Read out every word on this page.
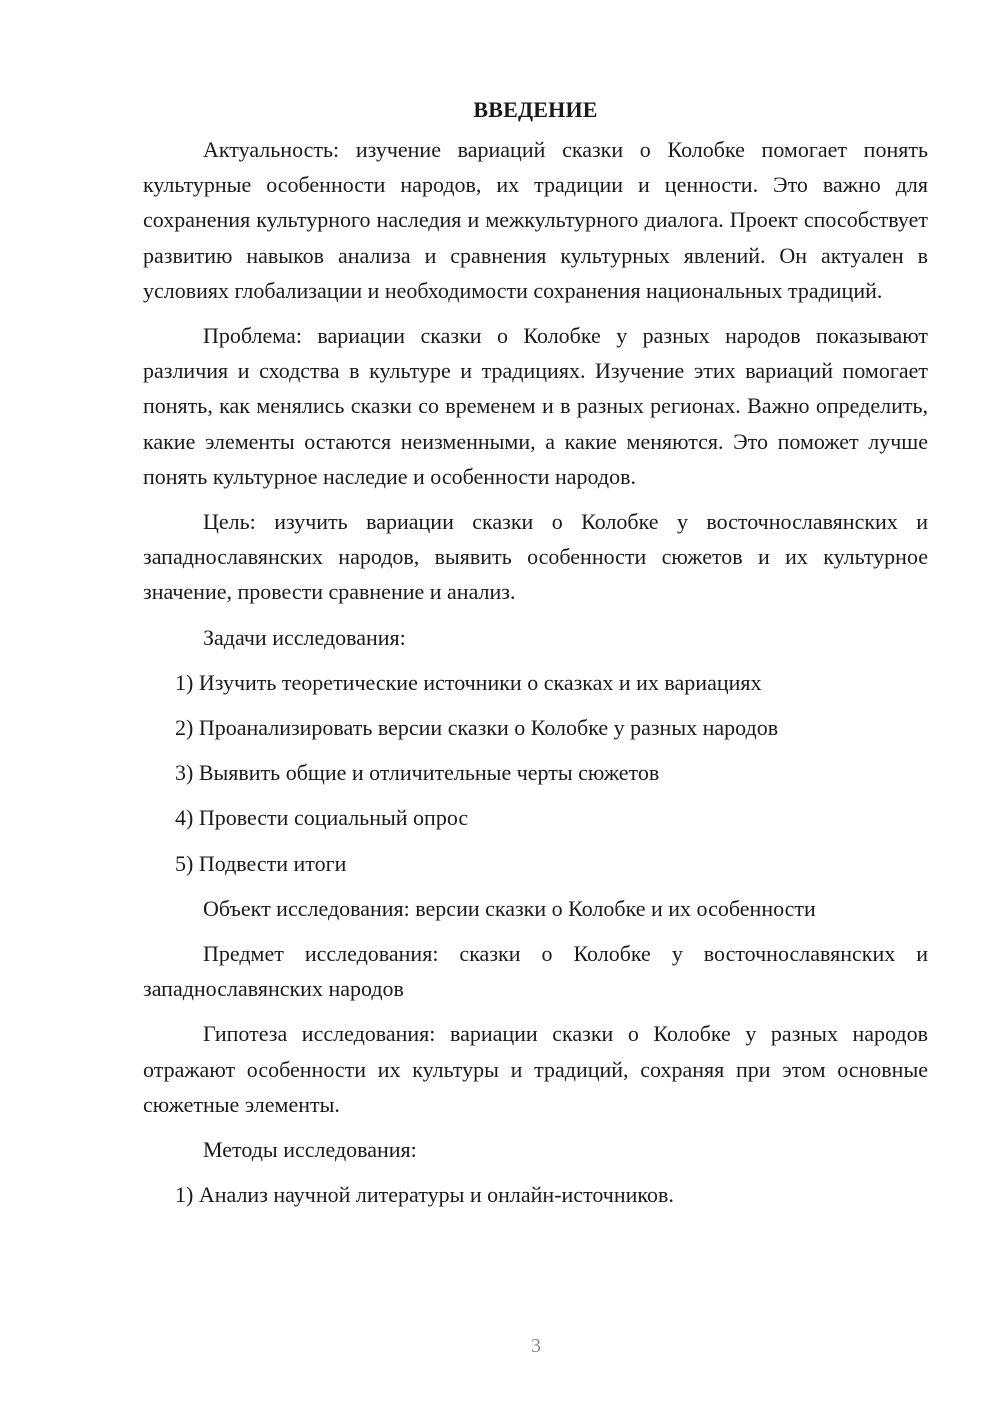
ВВЕДЕНИЕ

Актуальность: изучение вариаций сказки о Колобке помогает понять культурные особенности народов, их традиции и ценности. Это важно для сохранения культурного наследия и межкультурного диалога. Проект способствует развитию навыков анализа и сравнения культурных явлений. Он актуален в условиях глобализации и необходимости сохранения национальных традиций.

Проблема: вариации сказки о Колобке у разных народов показывают различия и сходства в культуре и традициях. Изучение этих вариаций помогает понять, как менялись сказки со временем и в разных регионах. Важно определить, какие элементы остаются неизменными, а какие меняются. Это поможет лучше понять культурное наследие и особенности народов.

Цель: изучить вариации сказки о Колобке у восточнославянских и западнославянских народов, выявить особенности сюжетов и их культурное значение, провести сравнение и анализ.

Задачи исследования:

1) Изучить теоретические источники о сказках и их вариациях

2) Проанализировать версии сказки о Колобке у разных народов

3) Выявить общие и отличительные черты сюжетов

4) Провести социальный опрос

5) Подвести итоги

Объект исследования: версии сказки о Колобке и их особенности

Предмет исследования: сказки о Колобке у восточнославянских и западнославянских народов

Гипотеза исследования: вариации сказки о Колобке у разных народов отражают особенности их культуры и традиций, сохраняя при этом основные сюжетные элементы.

Методы исследования:

1) Анализ научной литературы и онлайн-источников.

3
